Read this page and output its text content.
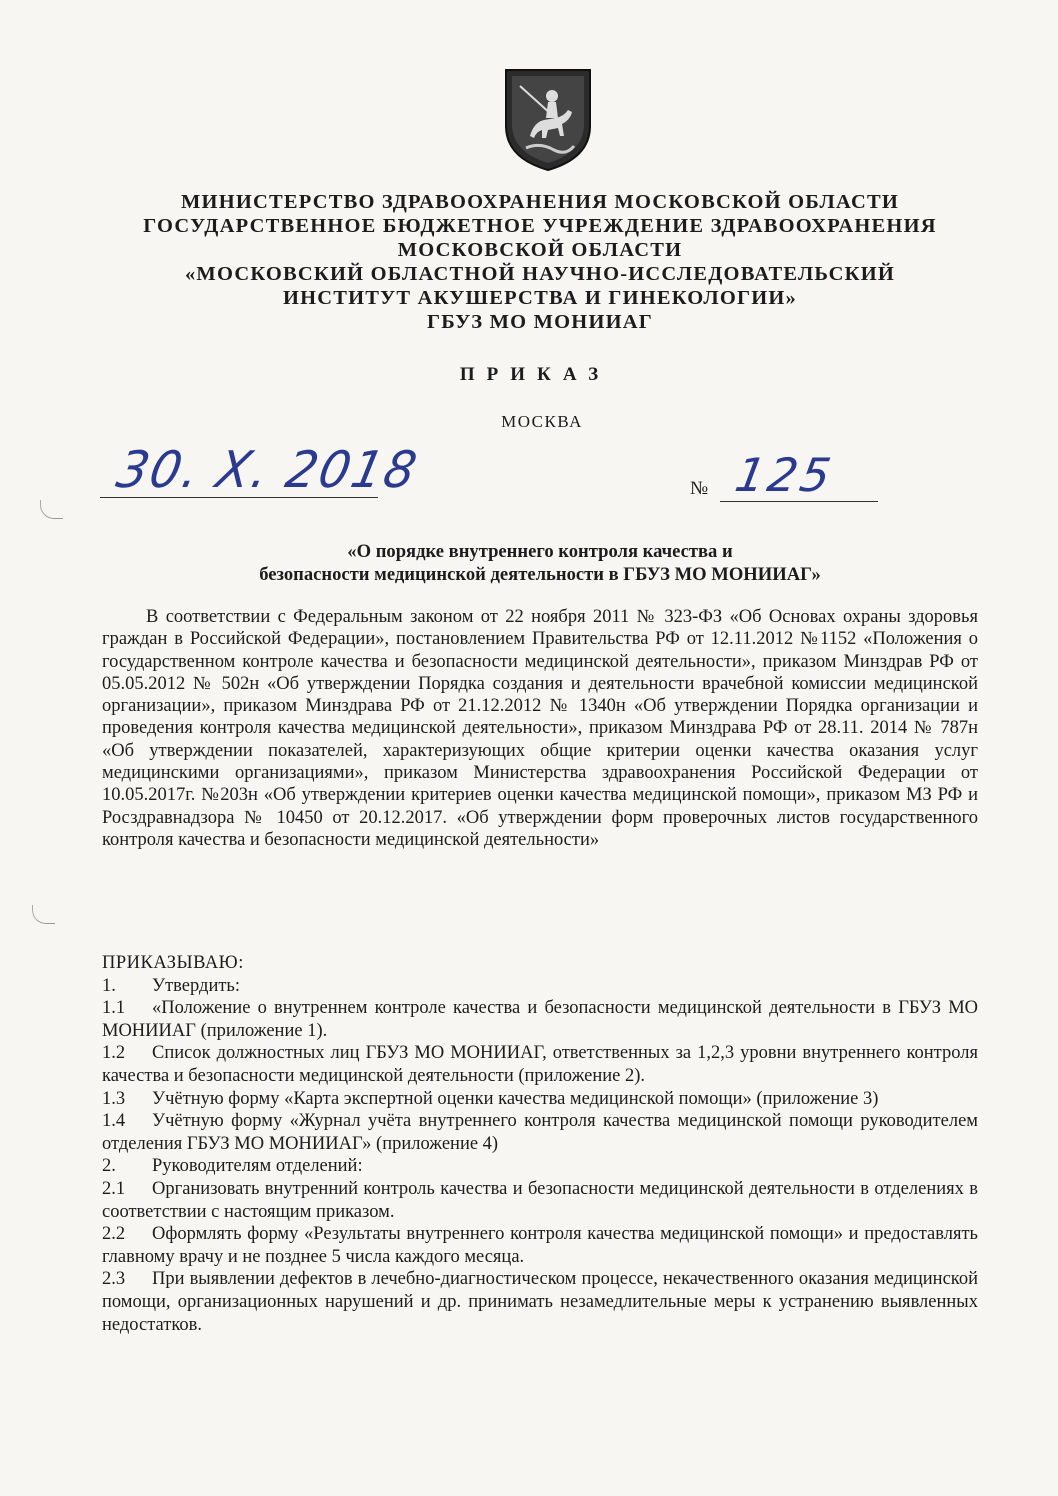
МИНИСТЕРСТВО ЗДРАВООХРАНЕНИЯ МОСКОВСКОЙ ОБЛАСТИ
ГОСУДАРСТВЕННОЕ БЮДЖЕТНОЕ УЧРЕЖДЕНИЕ ЗДРАВООХРАНЕНИЯ
МОСКОВСКОЙ ОБЛАСТИ
«МОСКОВСКИЙ ОБЛАСТНОЙ НАУЧНО-ИССЛЕДОВАТЕЛЬСКИЙ
ИНСТИТУТ АКУШЕРСТВА И ГИНЕКОЛОГИИ»
ГБУЗ МО МОНИИАГ
ПРИКАЗ
МОСКВА
30. X. 2018	№ 125
«О порядке внутреннего контроля качества и
безопасности медицинской деятельности в ГБУЗ МО МОНИИАГ»

В соответствии с Федеральным законом от 22 ноября 2011 № 323-ФЗ «Об Основах охраны здоровья граждан в Российской Федерации», постановлением Правительства РФ от 12.11.2012 №1152 «Положения о государственном контроле качества и безопасности медицинской деятельности», приказом Минздрав РФ от 05.05.2012 № 502н «Об утверждении Порядка создания и деятельности врачебной комиссии медицинской организации», приказом Минздрава РФ от 21.12.2012 № 1340н «Об утверждении Порядка организации и проведения контроля качества медицинской деятельности», приказом Минздрава РФ от 28.11. 2014 № 787н «Об утверждении показателей, характеризующих общие критерии оценки качества оказания услуг медицинскими организациями», приказом Министерства здравоохранения Российской Федерации от 10.05.2017г. №203н «Об утверждении критериев оценки качества медицинской помощи», приказом МЗ РФ и Росздравнадзора № 10450 от 20.12.2017. «Об утверждении форм проверочных листов государственного контроля качества и безопасности медицинской деятельности»

ПРИКАЗЫВАЮ:
1. Утвердить:
1.1 «Положение о внутреннем контроле качества и безопасности медицинской деятельности в ГБУЗ МО МОНИИАГ (приложение 1).
1.2 Список должностных лиц ГБУЗ МО МОНИИАГ, ответственных за 1,2,3 уровни внутреннего контроля качества и безопасности медицинской деятельности (приложение 2).
1.3 Учётную форму «Карта экспертной оценки качества медицинской помощи» (приложение 3)
1.4 Учётную форму «Журнал учёта внутреннего контроля качества медицинской помощи руководителем отделения ГБУЗ МО МОНИИАГ» (приложение 4)
2. Руководителям отделений:
2.1 Организовать внутренний контроль качества и безопасности медицинской деятельности в отделениях в соответствии с настоящим приказом.
2.2 Оформлять форму «Результаты внутреннего контроля качества медицинской помощи» и предоставлять главному врачу и не позднее 5 числа каждого месяца.
2.3 При выявлении дефектов в лечебно-диагностическом процессе, некачественного оказания медицинской помощи, организационных нарушений и др. принимать незамедлительные меры к устранению выявленных недостатков.
